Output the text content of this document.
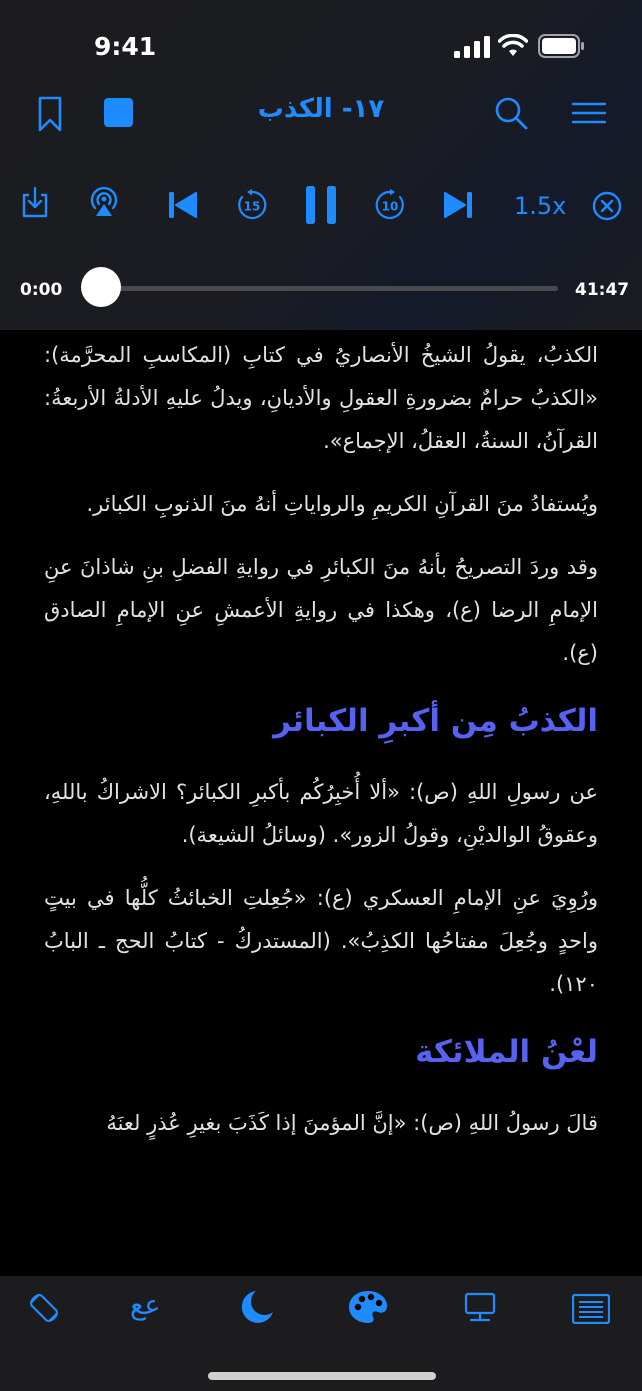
9:41
١٧- الكذب
15	10	1.5x
0:00	41:47

الكذبُ، يقولُ الشيخُ الأنصاريُ في كتابِ (المكاسبِ المحرَّمة): «الكذبُ حرامٌ بضرورةِ العقولِ والأديانِ، ويدلُ عليهِ الأدلةُ الأربعةُ: القرآنُ، السنةُ، العقلُ، الإجماع».

ويُستفادُ منَ القرآنِ الكريمِ والرواياتِ أنهُ منَ الذنوبِ الكبائر.

وقد وردَ التصريحُ بأنهُ منَ الكبائرِ في روايةِ الفضلِ بنِ شاذانَ عنِ الإمامِ الرضا (ع)، وهكذا في روايةِ الأعمشِ عنِ الإمامِ الصادق (ع).

الكذبُ مِن أكبرِ الكبائر

عن رسولِ اللهِ (ص): «ألا أُخبِرُكُم بأكبرِ الكبائر؟ الاشراكُ باللهِ، وعقوقُ الوالديْنِ، وقولُ الزور». (وسائلُ الشيعة).

ورُوِيَ عنِ الإمامِ العسكري (ع): «جُعِلتِ الخبائثُ كلُّها في بيتٍ واحدٍ وجُعِلَ مفتاحُها الكذِبُ». (المستدركُ - كتابُ الحج ـ البابُ ١٢٠).

لعْنُ الملائكة

قالَ رسولُ اللهِ (ص): «إنَّ المؤمنَ إذا كَذَبَ بغيرِ عُذرٍ لعنَهُ

عع
